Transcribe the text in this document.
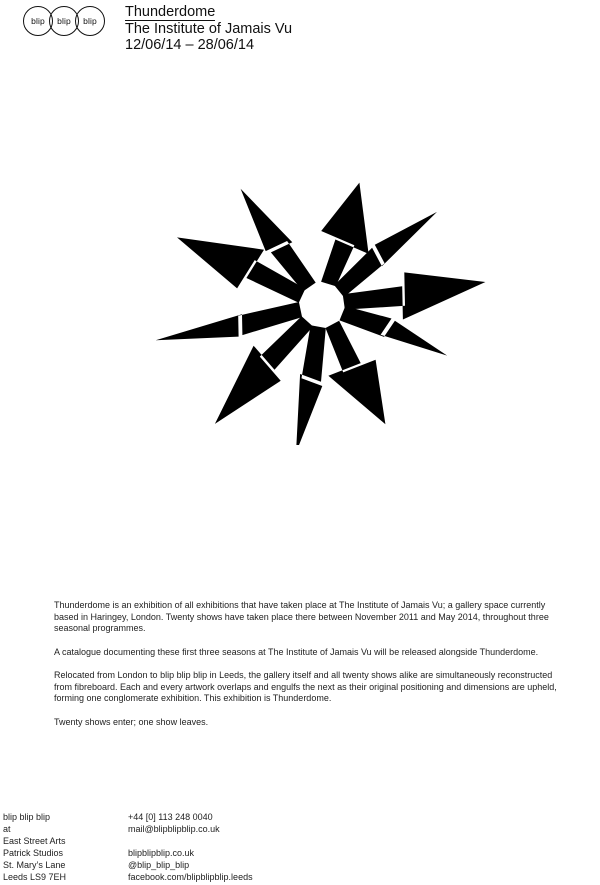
blip blip blip
Thunderdome
The Institute of Jamais Vu
12/06/14 – 28/06/14

Thunderdome is an exhibition of all exhibitions that have taken place at The Institute of Jamais Vu; a gallery space currently based in Haringey, London. Twenty shows have taken place there between November 2011 and May 2014, throughout three seasonal programmes.

A catalogue documenting these first three seasons at The Institute of Jamais Vu will be released alongside Thunderdome.

Relocated from London to blip blip blip in Leeds, the gallery itself and all twenty shows alike are simultaneously reconstructed from fibreboard. Each and every artwork overlaps and engulfs the next as their original positioning and dimensions are upheld, forming one conglomerate exhibition. This exhibition is Thunderdome.

Twenty shows enter; one show leaves.

blip blip blip
at
East Street Arts
Patrick Studios
St. Mary’s Lane
Leeds LS9 7EH
+44 [0] 113 248 0040
mail@blipblipblip.co.uk
blipblipblip.co.uk
@blip_blip_blip
facebook.com/blipblipblip.leeds
